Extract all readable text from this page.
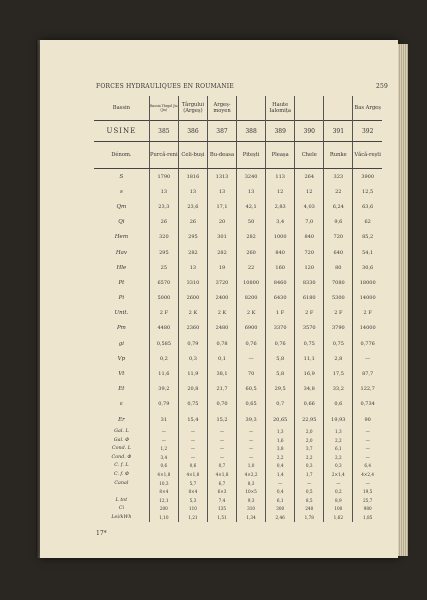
FORCES HYDRAULIQUES EN ROUMANIE	259
Bassin	Bassin Târgul Jiu (Jiu)	Târgului (Argeș)	Argeș-moyen		Haute Ialomița			Bas Argeș
USINE	385	386	387	388	389	390	391	392
Dénom.	Purcă-reni	Celi-buși	Bu-deasa	Pitești	Pleașa	Chele	Runke	Văcă-rești
S	1790	1816	1313	3240	113	264	323	3900
s	13	13	13	13	12	12	22	12,5
Qm	23,3	23,6	17,1	42,1	2,83	4,03	6,24	63,6
Qi	26	26	20	50	3,4	7,0	9,6	62
Hem	320	295	301	282	1000	840	720	85,2
Hav	295	282	282	260	840	720	640	54,1
Hle	25	13	19	22	160	120	80	30,6
Pt	6570	3310	3720	10800	8460	8330	7080	18000
Pi	5000	2600	2400	8200	6430	6180	5300	14000
Unit.	2 F	2 K	2 K	2 K	1 F	2 F	2 F	2 F
Pm	4480	2360	2480	6900	3370	3570	3790	14000
gi	0,585	0,79	0,78	0,76	0,76	0,75	0,75	0,776
Vp	0,2	0,3	0,1	—	5,8	11,1	2,8	—
Vt	11,6	11,9	38,1	70	5,8	16,9	17,5	87,7
Et	39,2	20,8	21,7	60,5	29,5	34,8	33,2	122,7
ε	0,79	0,75	0,70	0,65	0,7	0,66	0,6	0,734
Er	31	15,4	15,2	39,3	20,65	22,95	19,93	90
Gal. L	—	—	—	—	1,3	2,0	1,3	—
Gal. Φ	—	—	—	—	1,6	2,0	2,2	—
Cond. L	1,2	—	—	—	3,8	3,7	6,1	—
Cond. Φ	3,4	—	—	—	2,2	2,2	2,2	—
C. f. L	0,6	0,6	0,7	1,0	0,4	0,3	0,3	6,4
C. f. Φ	4×1,8	4×1,8	4×1,8	4×2,2	1,4	1,7	2×1,4	4×2,4
Canal	10,3	5,7	6,7	8,3	—	—	—	—
	8×4	8×4	6×3	10×5	0,4	0,5	0,2	19,5
L tot	12,1	5,3	7,4	9,3	6,1	8,5	8,9	25,7
Ci	200	110	135	310	300	240	100	980
Lei/kWh	1,10	1,21	1,51	1,34	2,46	1,78	1,62	1,85
17*
